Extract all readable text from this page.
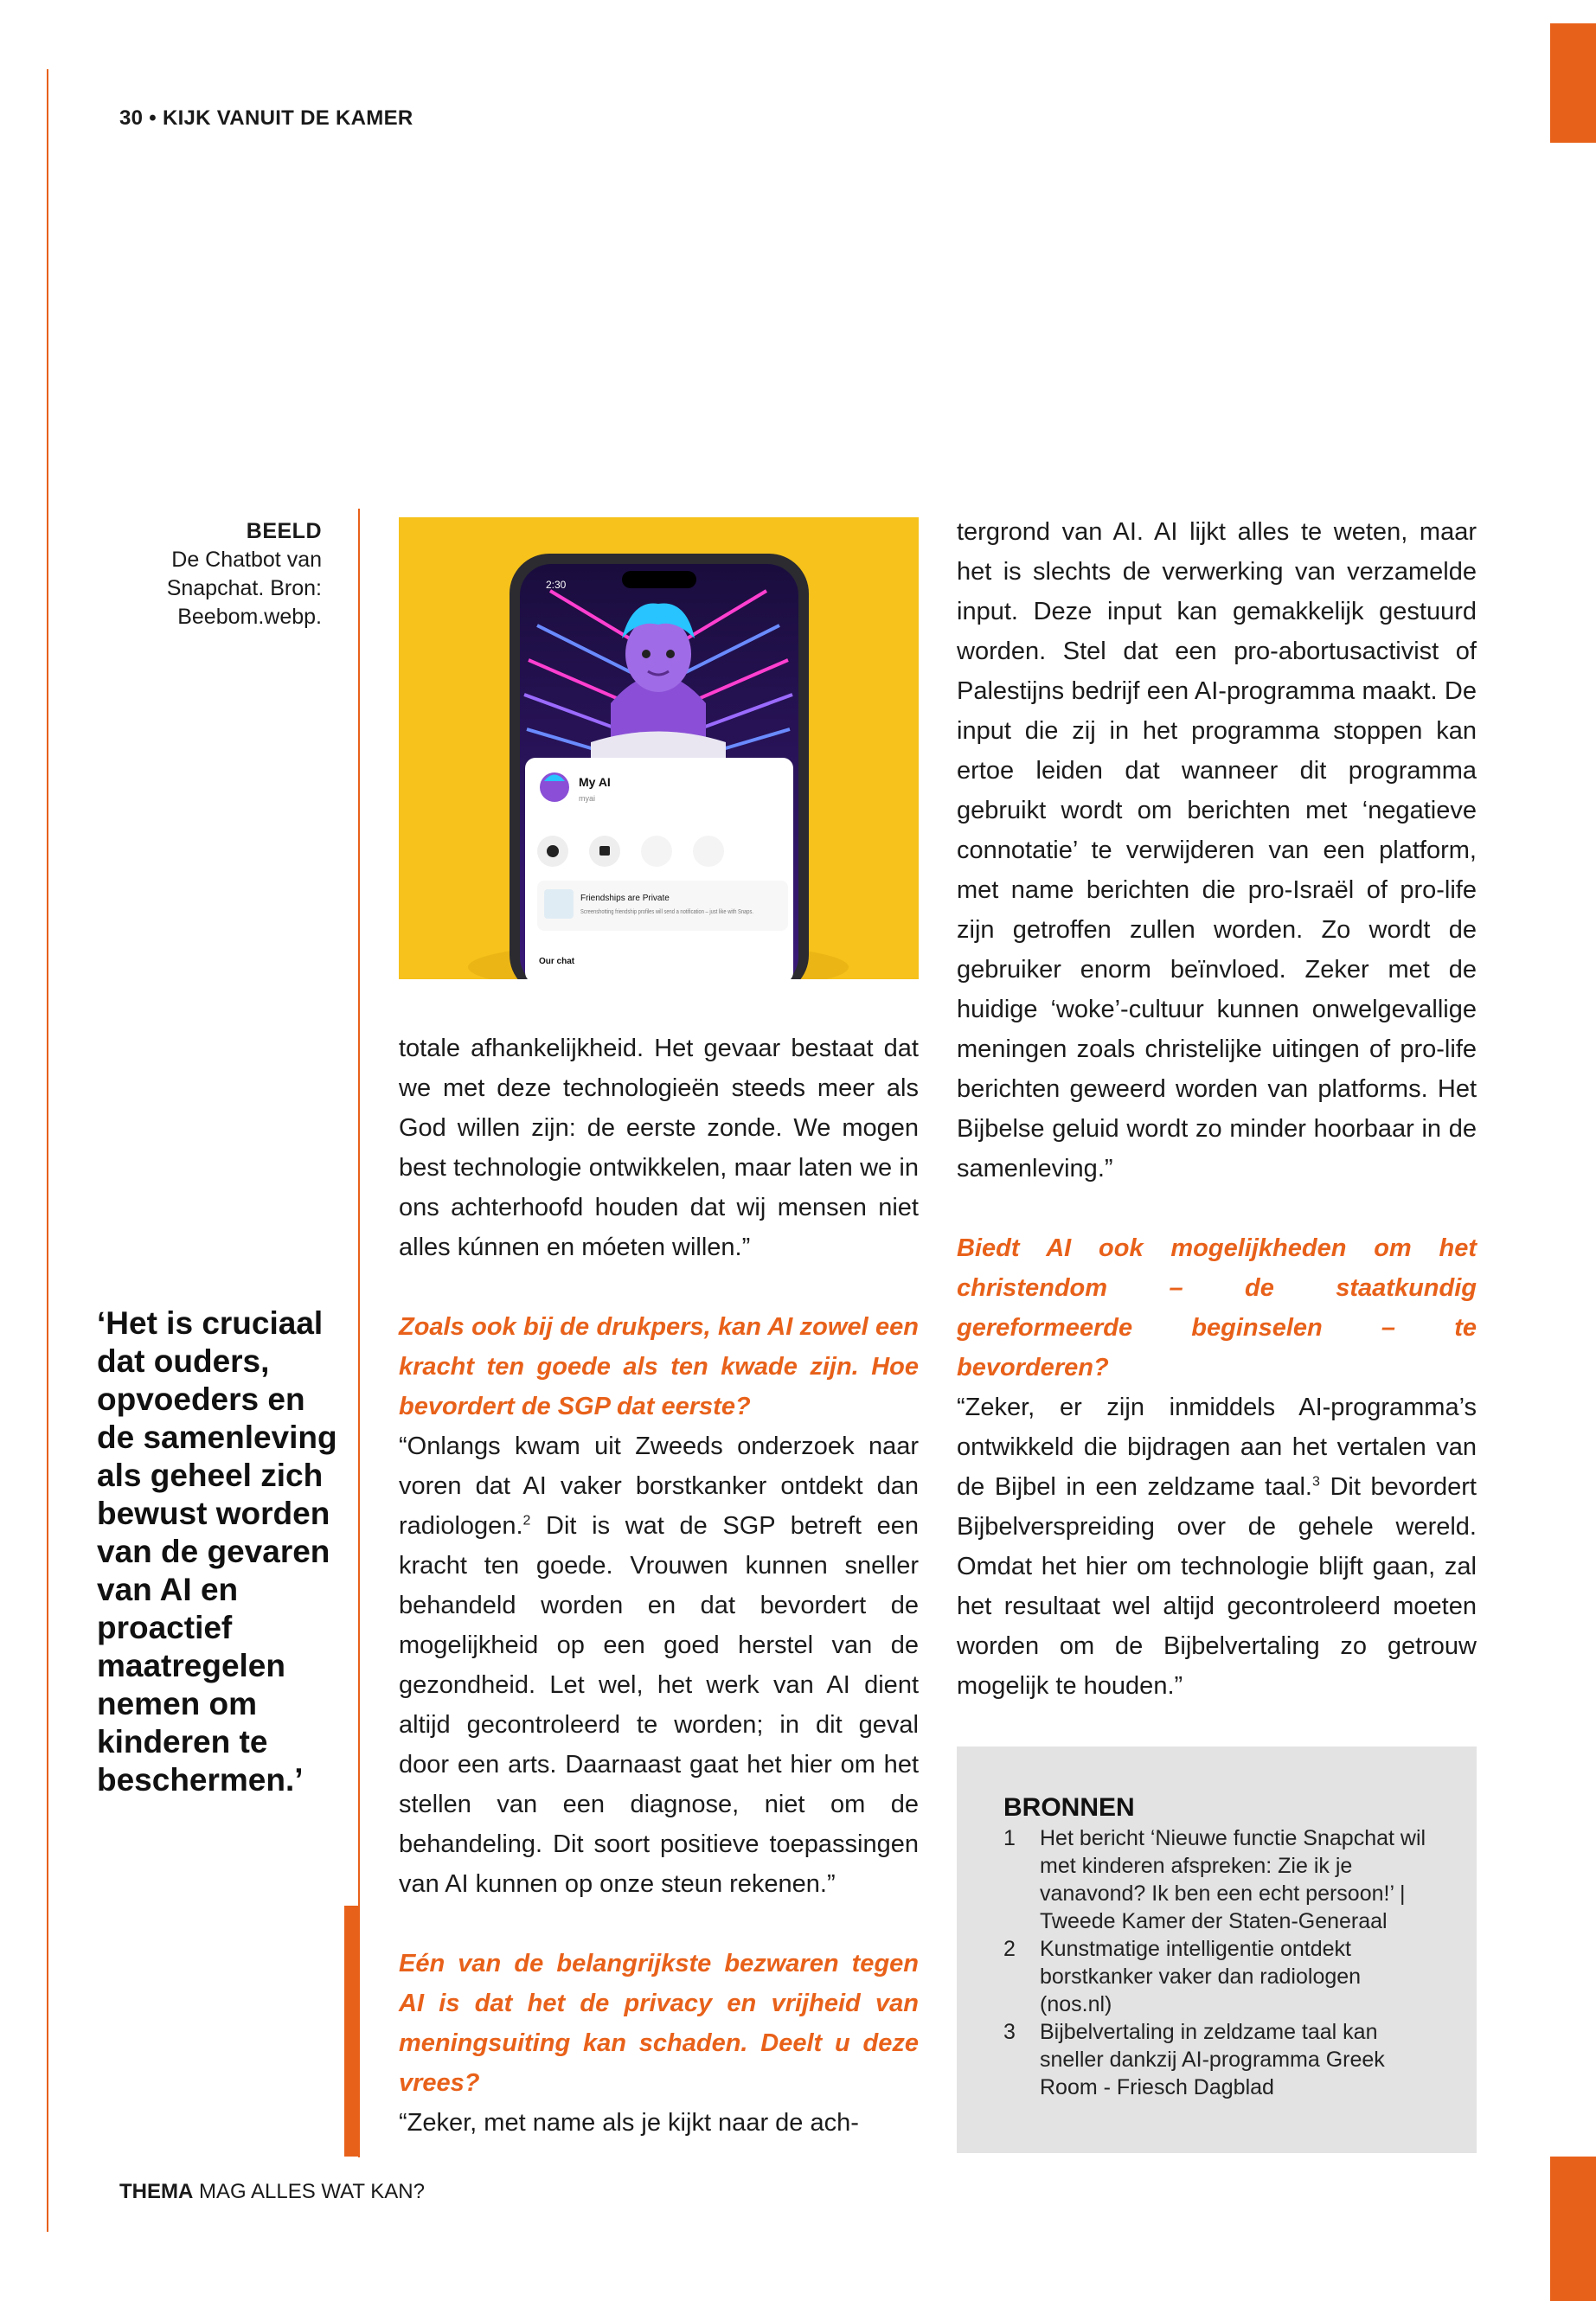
30 • KIJK VANUIT DE KAMER
BEELD
De Chatbot van
Snapchat. Bron:
Beebom.webp.
‘Het is cruciaal dat ouders, opvoeders en de samenleving als geheel zich bewust worden van de gevaren van AI en proactief maatregelen nemen om kinderen te beschermen.’
2:30
My AI
myai
Friendships are Private
Screenshotting friendship profiles will send a notification – just like with Snaps.
Our chat

totale afhankelijkheid. Het gevaar bestaat dat we met deze technologieën steeds meer als God willen zijn: de eerste zonde. We mogen best technologie ontwikkelen, maar laten we in ons achterhoofd houden dat wij mensen niet alles kúnnen en móeten willen.”

Zoals ook bij de drukpers, kan AI zowel een kracht ten goede als ten kwade zijn. Hoe bevordert de SGP dat eerste?

“Onlangs kwam uit Zweeds onderzoek naar voren dat AI vaker borstkanker ontdekt dan radiologen.$^2$ Dit is wat de SGP betreft een kracht ten goede. Vrouwen kunnen sneller behandeld worden en dat bevordert de mogelijkheid op een goed herstel van de gezondheid. Let wel, het werk van AI dient altijd gecontroleerd te worden; in dit geval door een arts. Daarnaast gaat het hier om het stellen van een diagnose, niet om de behandeling. Dit soort positieve toepassingen van AI kunnen op onze steun rekenen.”

Eén van de belangrijkste bezwaren tegen AI is dat het de privacy en vrijheid van meningsuiting kan schaden. Deelt u deze vrees?

“Zeker, met name als je kijkt naar de ach-

tergrond van AI. AI lijkt alles te weten, maar het is slechts de verwerking van verzamelde input. Deze input kan gemakkelijk gestuurd worden. Stel dat een pro-abortusactivist of Palestijns bedrijf een AI-programma maakt. De input die zij in het programma stoppen kan ertoe leiden dat wanneer dit programma gebruikt wordt om berichten met ‘negatieve connotatie’ te verwijderen van een platform, met name berichten die pro-Israël of pro-life zijn getroffen zullen worden. Zo wordt de gebruiker enorm beïnvloed. Zeker met de huidige ‘woke’-cultuur kunnen onwelgevallige meningen zoals christelijke uitingen of pro-life berichten geweerd worden van platforms. Het Bijbelse geluid wordt zo minder hoorbaar in de samenleving.”

Biedt AI ook mogelijkheden om het christendom – de staatkundig gereformeerde beginselen – te bevorderen?

“Zeker, er zijn inmiddels AI-programma’s ontwikkeld die bijdragen aan het vertalen van de Bijbel in een zeldzame taal.$^3$ Dit bevordert Bijbelverspreiding over de gehele wereld. Omdat het hier om technologie blijft gaan, zal het resultaat wel altijd gecontroleerd moeten worden om de Bijbelvertaling zo getrouw mogelijk te houden.”

BRONNEN
1 Het bericht ‘Nieuwe functie Snapchat wil met kinderen afspreken: Zie ik je vanavond? Ik ben een echt persoon!’ | Tweede Kamer der Staten-Generaal
2 Kunstmatige intelligentie ontdekt borstkanker vaker dan radiologen (nos.nl)
3 Bijbelvertaling in zeldzame taal kan sneller dankzij AI-programma Greek Room - Friesch Dagblad
THEMA MAG ALLES WAT KAN?
